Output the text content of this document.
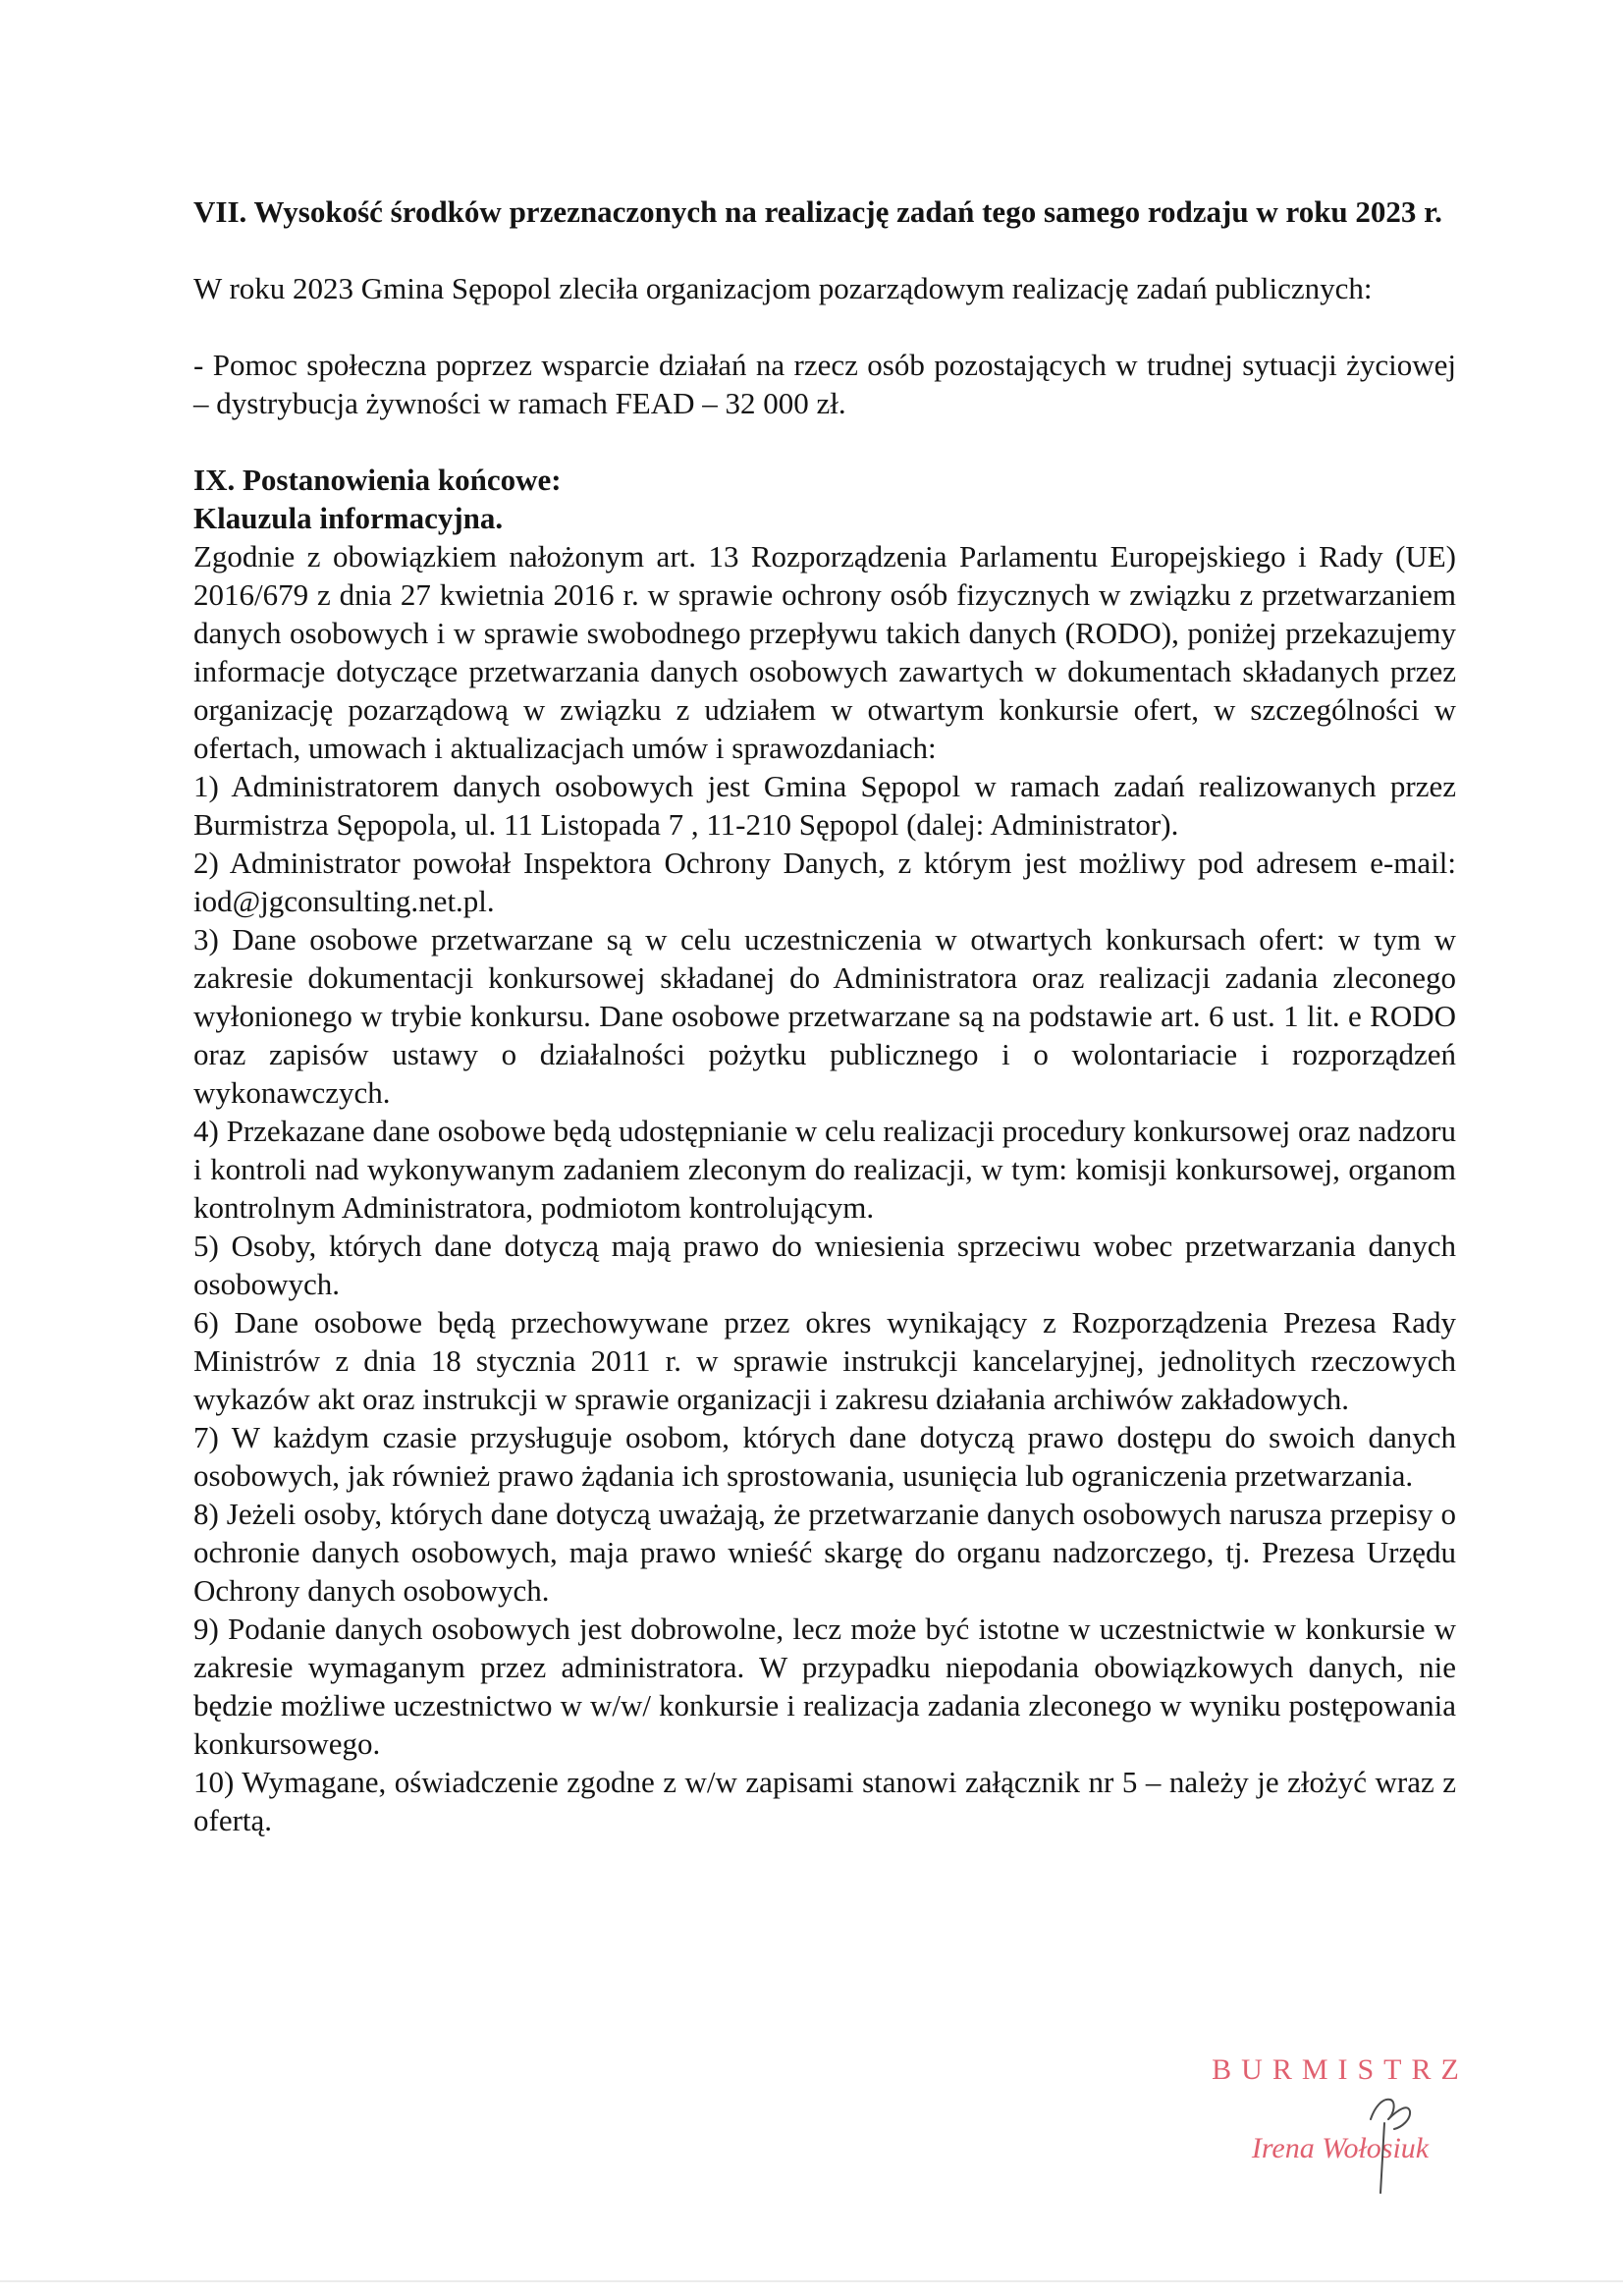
VII. Wysokość środków przeznaczonych na realizację zadań tego samego rodzaju w roku 2023 r.

W roku 2023 Gmina Sępopol zleciła organizacjom pozarządowym realizację zadań publicznych:

- Pomoc społeczna poprzez wsparcie działań na rzecz osób pozostających w trudnej sytuacji życiowej – dystrybucja żywności w ramach FEAD – 32 000 zł.

IX. Postanowienia końcowe:

Klauzula informacyjna.

Zgodnie z obowiązkiem nałożonym art. 13 Rozporządzenia Parlamentu Europejskiego i Rady (UE) 2016/679 z dnia 27 kwietnia 2016 r. w sprawie ochrony osób fizycznych w związku z przetwarzaniem danych osobowych i w sprawie swobodnego przepływu takich danych (RODO), poniżej przekazujemy informacje dotyczące przetwarzania danych osobowych zawartych w dokumentach składanych przez organizację pozarządową w związku z udziałem w otwartym konkursie ofert, w szczególności w ofertach, umowach i aktualizacjach umów i sprawozdaniach:

1) Administratorem danych osobowych jest Gmina Sępopol w ramach zadań realizowanych przez Burmistrza Sępopola, ul. 11 Listopada 7 , 11-210 Sępopol (dalej: Administrator).

2) Administrator powołał Inspektora Ochrony Danych, z którym jest możliwy pod adresem e-mail: iod@jgconsulting.net.pl.

3) Dane osobowe przetwarzane są w celu uczestniczenia w otwartych konkursach ofert: w tym w zakresie dokumentacji konkursowej składanej do Administratora oraz realizacji zadania zleconego wyłonionego w trybie konkursu. Dane osobowe przetwarzane są na podstawie art. 6 ust. 1 lit. e RODO oraz zapisów ustawy o działalności pożytku publicznego i o wolontariacie i rozporządzeń wykonawczych.

4) Przekazane dane osobowe będą udostępnianie w celu realizacji procedury konkursowej oraz nadzoru i kontroli nad wykonywanym zadaniem zleconym do realizacji, w tym: komisji konkursowej, organom kontrolnym Administratora, podmiotom kontrolującym.

5) Osoby, których dane dotyczą mają prawo do wniesienia sprzeciwu wobec przetwarzania danych osobowych.

6) Dane osobowe będą przechowywane przez okres wynikający z Rozporządzenia Prezesa Rady Ministrów z dnia 18 stycznia 2011 r. w sprawie instrukcji kancelaryjnej, jednolitych rzeczowych wykazów akt oraz instrukcji w sprawie organizacji i zakresu działania archiwów zakładowych.

7) W każdym czasie przysługuje osobom, których dane dotyczą prawo dostępu do swoich danych osobowych, jak również prawo żądania ich sprostowania, usunięcia lub ograniczenia przetwarzania.

8) Jeżeli osoby, których dane dotyczą uważają, że przetwarzanie danych osobowych narusza przepisy o ochronie danych osobowych, maja prawo wnieść skargę do organu nadzorczego, tj. Prezesa Urzędu Ochrony danych osobowych.

9) Podanie danych osobowych jest dobrowolne, lecz może być istotne w uczestnictwie w konkursie w zakresie wymaganym przez administratora. W przypadku niepodania obowiązkowych danych, nie będzie możliwe uczestnictwo w w/w/ konkursie i realizacja zadania zleconego w wyniku postępowania konkursowego.

10) Wymagane, oświadczenie zgodne z w/w zapisami stanowi załącznik nr 5 – należy je złożyć wraz z ofertą.

BURMISTRZ
Irena Wołosiuk
